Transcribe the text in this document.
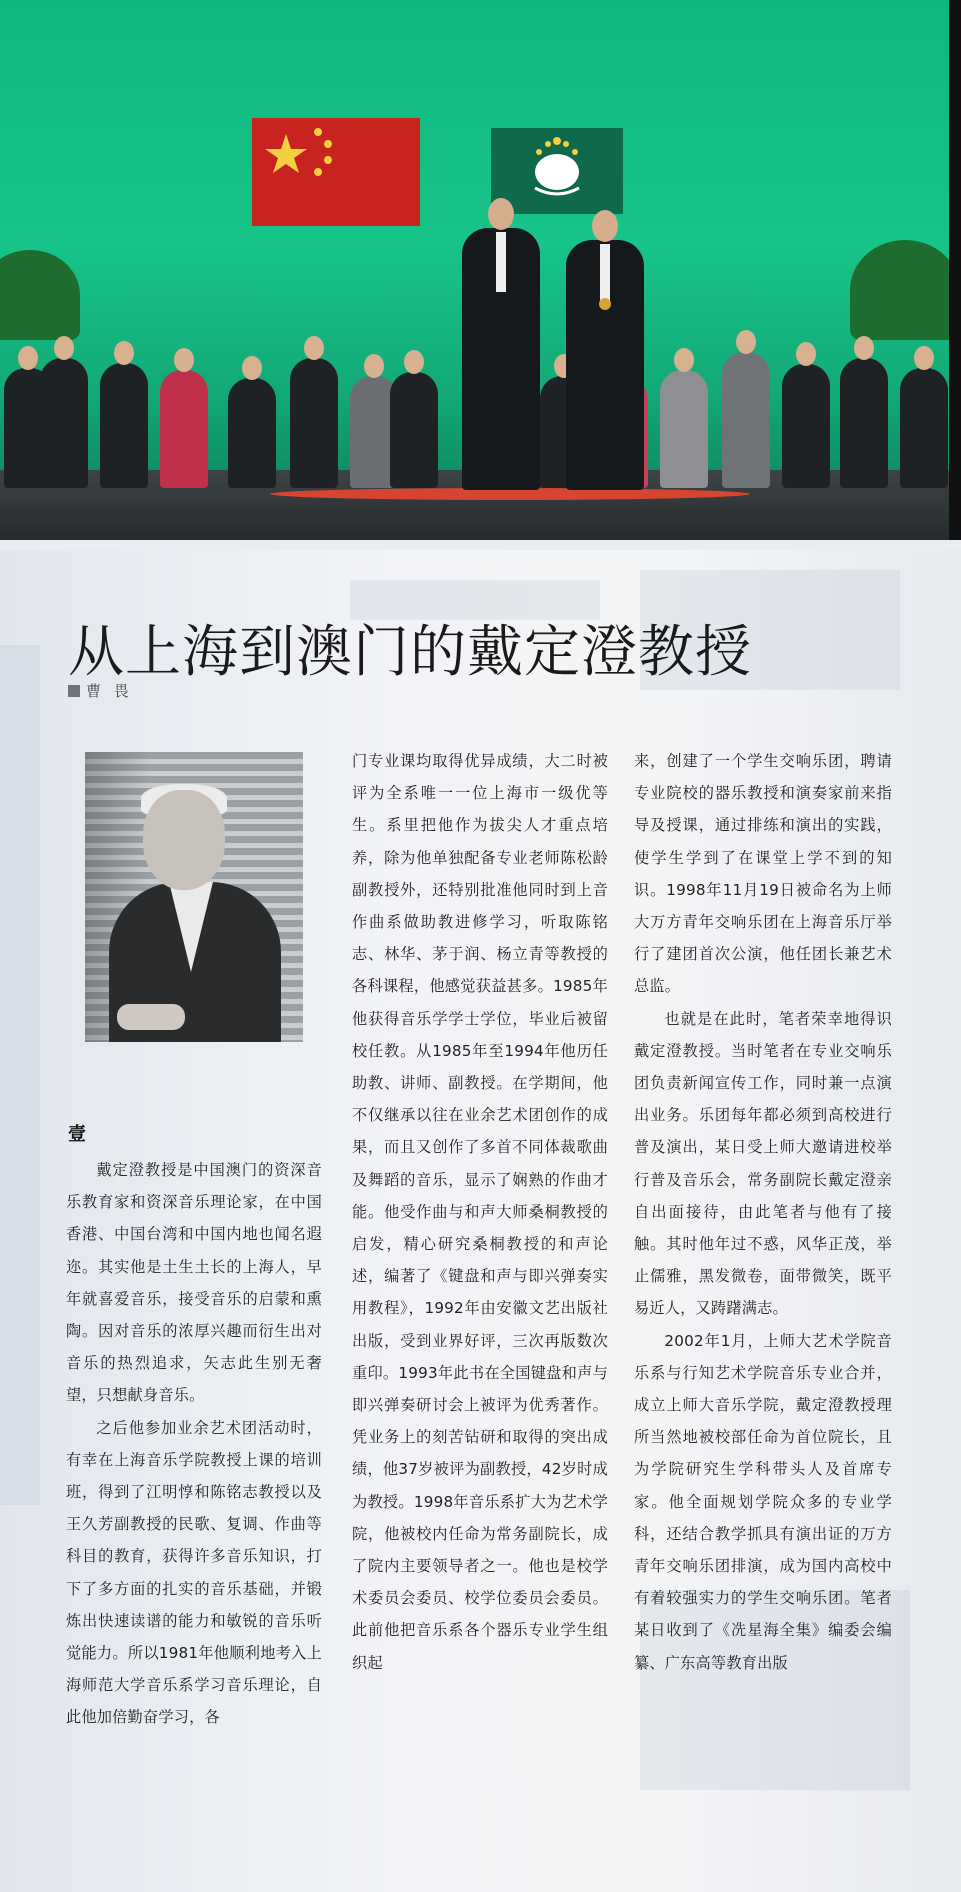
从上海到澳门的戴定澄教授
曹 畏
壹

戴定澄教授是中国澳门的资深音乐教育家和资深音乐理论家，在中国香港、中国台湾和中国内地也闻名遐迩。其实他是土生土长的上海人，早年就喜爱音乐，接受音乐的启蒙和熏陶。因对音乐的浓厚兴趣而衍生出对音乐的热烈追求，矢志此生别无奢望，只想献身音乐。

之后他参加业余艺术团活动时，有幸在上海音乐学院教授上课的培训班，得到了江明惇和陈铭志教授以及王久芳副教授的民歌、复调、作曲等科目的教育，获得许多音乐知识，打下了多方面的扎实的音乐基础，并锻炼出快速读谱的能力和敏锐的音乐听觉能力。所以1981年他顺利地考入上海师范大学音乐系学习音乐理论，自此他加倍勤奋学习，各

门专业课均取得优异成绩，大二时被评为全系唯一一位上海市一级优等生。系里把他作为拔尖人才重点培养，除为他单独配备专业老师陈松龄副教授外，还特别批准他同时到上音作曲系做助教进修学习，听取陈铭志、林华、茅于润、杨立青等教授的各科课程，他感觉获益甚多。1985年他获得音乐学学士学位，毕业后被留校任教。从1985年至1994年他历任助教、讲师、副教授。在学期间，他不仅继承以往在业余艺术团创作的成果，而且又创作了多首不同体裁歌曲及舞蹈的音乐，显示了娴熟的作曲才能。他受作曲与和声大师桑桐教授的启发，精心研究桑桐教授的和声论述，编著了《键盘和声与即兴弹奏实用教程》，1992年由安徽文艺出版社出版，受到业界好评，三次再版数次重印。1993年此书在全国键盘和声与即兴弹奏研讨会上被评为优秀著作。凭业务上的刻苦钻研和取得的突出成绩，他37岁被评为副教授，42岁时成为教授。1998年音乐系扩大为艺术学院，他被校内任命为常务副院长，成了院内主要领导者之一。他也是校学术委员会委员、校学位委员会委员。此前他把音乐系各个器乐专业学生组织起

来，创建了一个学生交响乐团，聘请专业院校的器乐教授和演奏家前来指导及授课，通过排练和演出的实践，使学生学到了在课堂上学不到的知识。1998年11月19日被命名为上师大万方青年交响乐团在上海音乐厅举行了建团首次公演，他任团长兼艺术总监。

也就是在此时，笔者荣幸地得识戴定澄教授。当时笔者在专业交响乐团负责新闻宣传工作，同时兼一点演出业务。乐团每年都必须到高校进行普及演出，某日受上师大邀请进校举行普及音乐会，常务副院长戴定澄亲自出面接待，由此笔者与他有了接触。其时他年过不惑，风华正茂，举止儒雅，黑发微卷，面带微笑，既平易近人，又踌躇满志。

2002年1月，上师大艺术学院音乐系与行知艺术学院音乐专业合并，成立上师大音乐学院，戴定澄教授理所当然地被校部任命为首位院长，且为学院研究生学科带头人及首席专家。他全面规划学院众多的专业学科，还结合教学抓具有演出证的万方青年交响乐团排演，成为国内高校中有着较强实力的学生交响乐团。笔者某日收到了《冼星海全集》编委会编纂、广东高等教育出版
